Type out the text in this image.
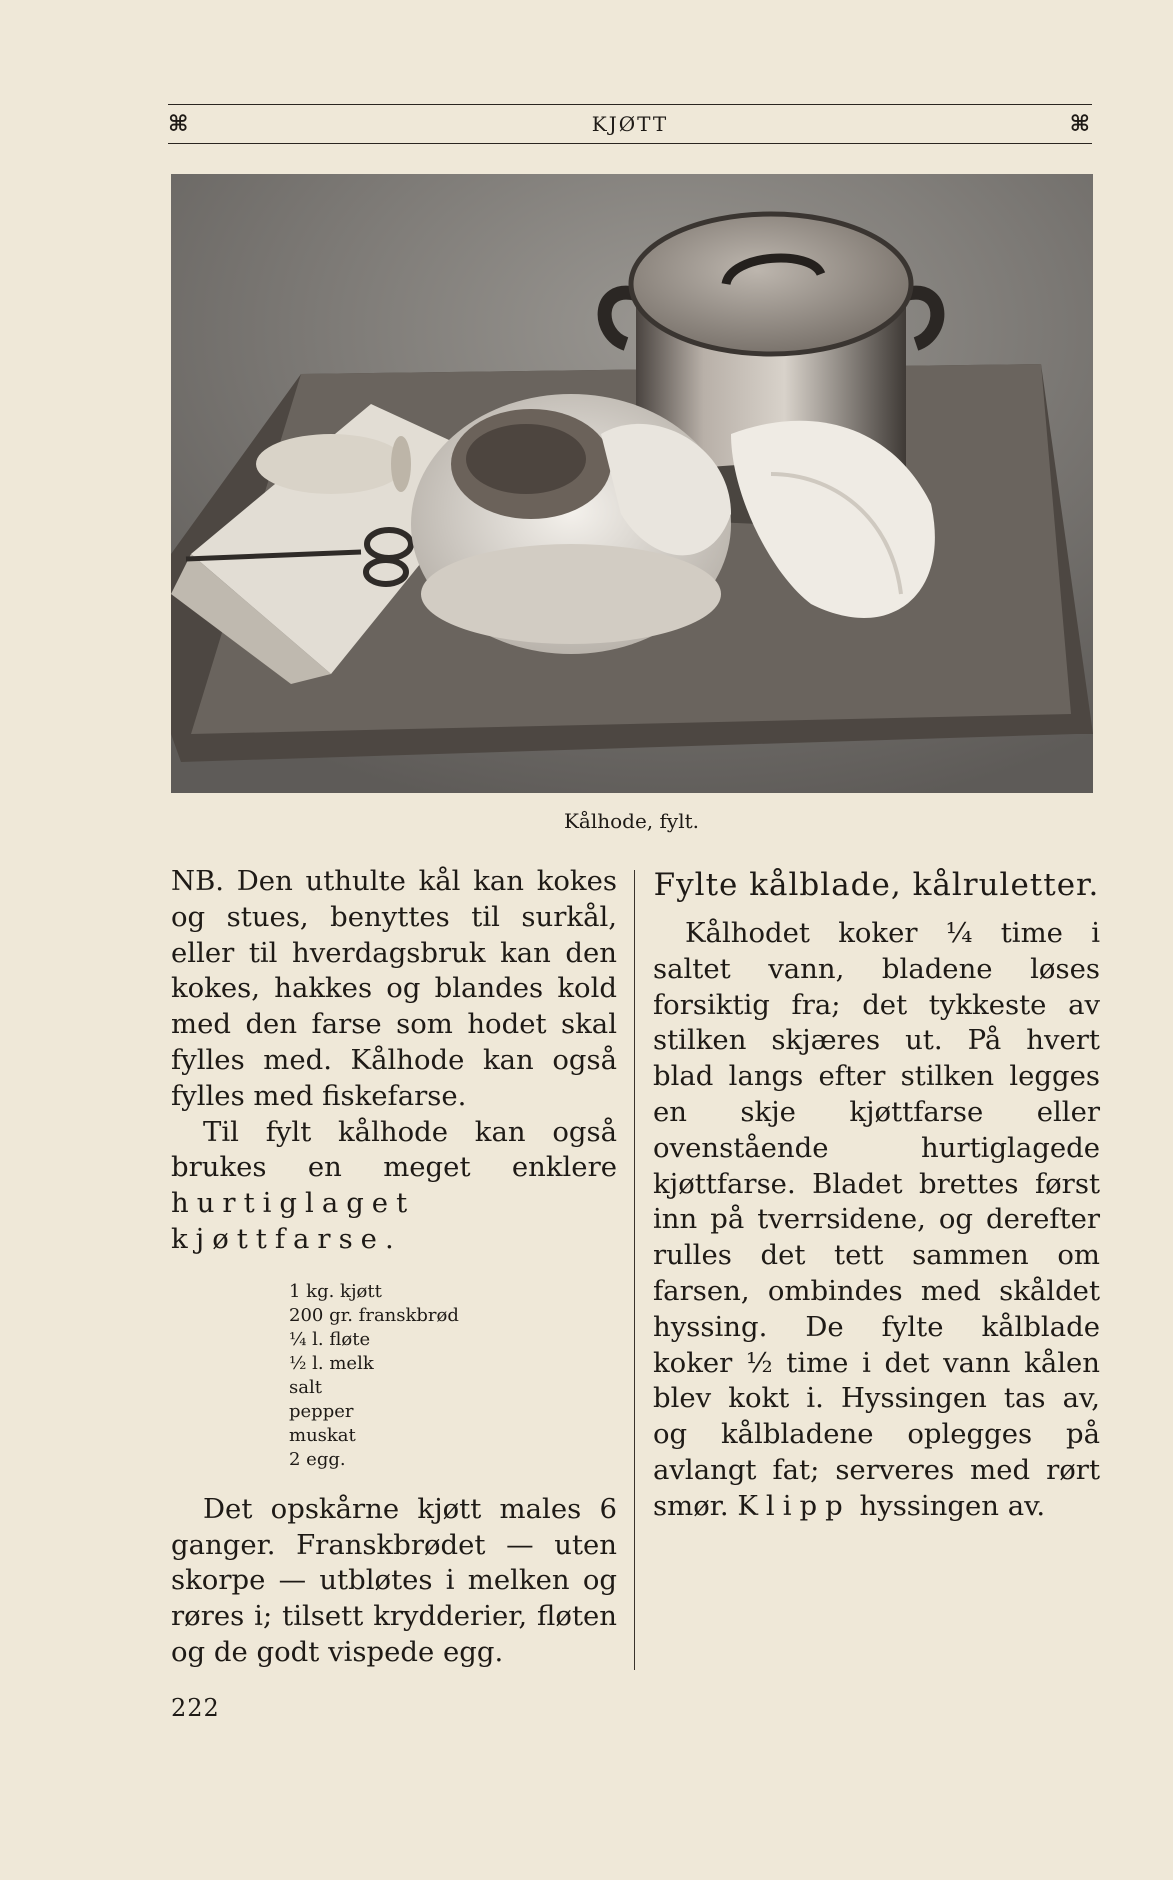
⌘	KJØTT	⌘
Kålhode, fylt.

NB. Den uthulte kål kan kokes og stues, benyttes til surkål, eller til hverdagsbruk kan den kokes, hakkes og blandes kold med den farse som hodet skal fylles med. Kålhode kan også fylles med fiskefarse.

Til fylt kålhode kan også brukes en meget enklere hurtiglaget kjøttfarse.

1 kg. kjøtt
200 gr. franskbrød
¼ l. fløte
½ l. melk
salt
pepper
muskat
2 egg.

Det opskårne kjøtt males 6 ganger. Franskbrødet — uten skorpe — utbløtes i melken og røres i; tilsett krydderier, fløten og de godt vispede egg.

Fylte kålblade, kålruletter.

Kålhodet koker ¼ time i saltet vann, bladene løses forsiktig fra; det tykkeste av stilken skjæres ut. På hvert blad langs efter stilken legges en skje kjøttfarse eller ovenstående hurtiglagede kjøttfarse. Bladet brettes først inn på tverrsidene, og derefter rulles det tett sammen om farsen, ombindes med skåldet hyssing. De fylte kålblade koker ½ time i det vann kålen blev kokt i. Hyssingen tas av, og kålbladene oplegges på avlangt fat; serveres med rørt smør. Klipp hyssingen av.

222
